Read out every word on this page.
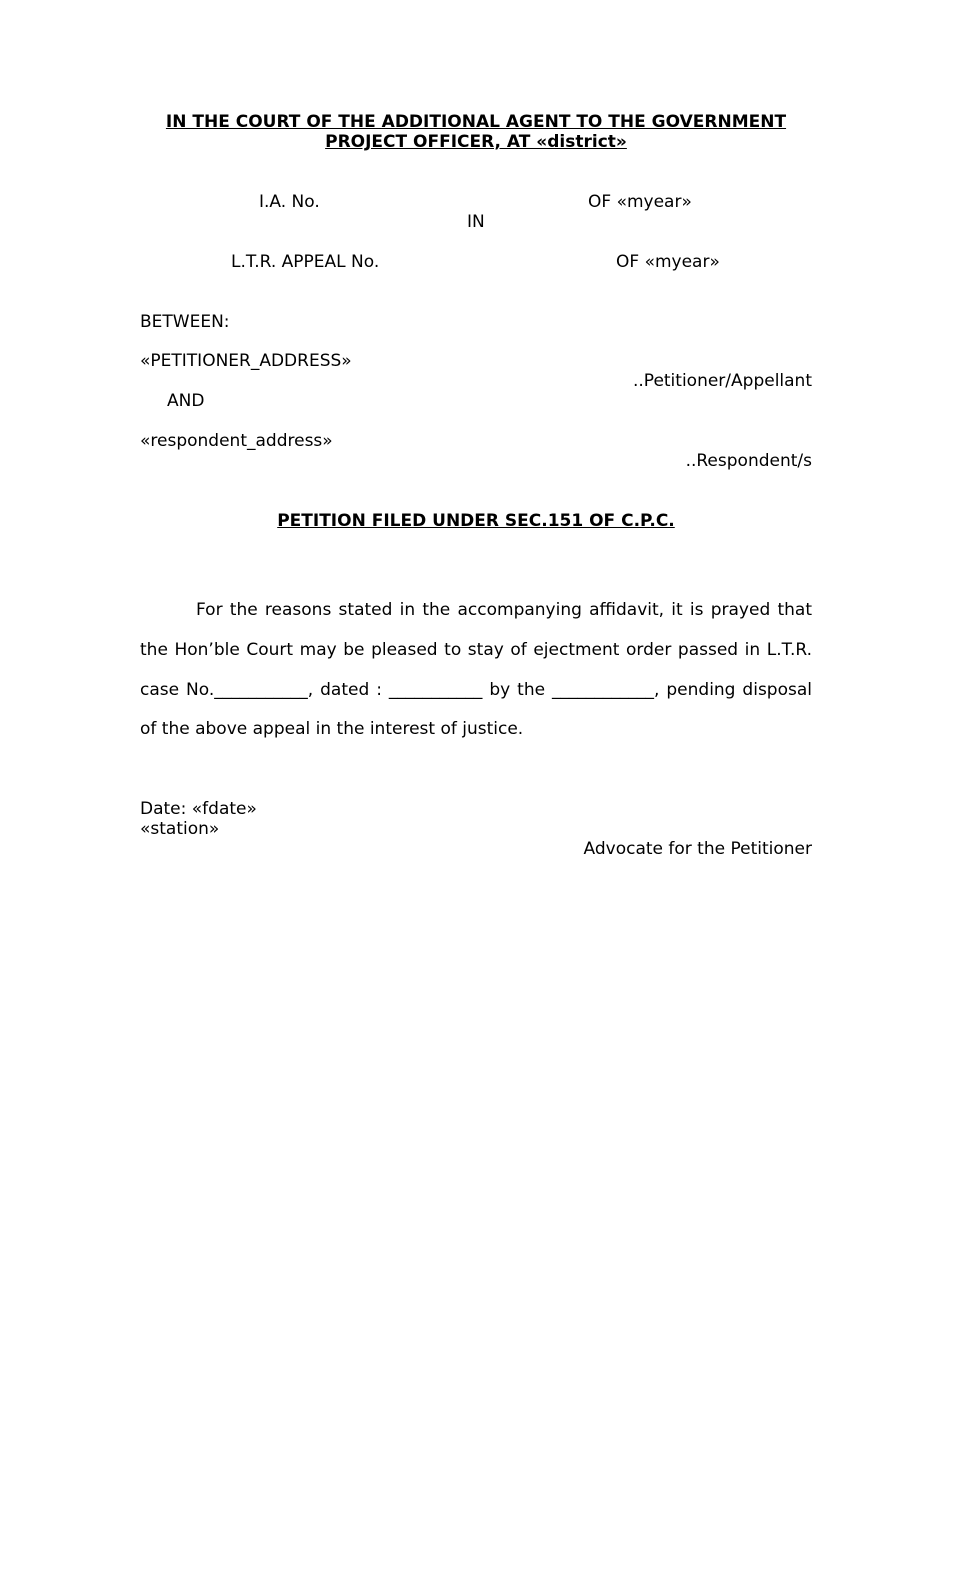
IN THE COURT OF THE ADDITIONAL AGENT TO THE GOVERNMENT
PROJECT OFFICER, AT «district»
I.A. No.	OF «myear»
IN
L.T.R. APPEAL No.	OF «myear»
BETWEEN:
«PETITIONER_ADDRESS»
..Petitioner/Appellant
AND
«respondent_address»
..Respondent/s
PETITION FILED UNDER SEC.151 OF C.P.C.
For the reasons stated in the accompanying affidavit, it is prayed that
the Hon’ble Court may be pleased to stay of ejectment order passed in L.T.R.
case No.___________, dated : ___________ by the ____________, pending disposal
of the above appeal in the interest of justice.
Date: «fdate»
«station»
Advocate for the Petitioner
